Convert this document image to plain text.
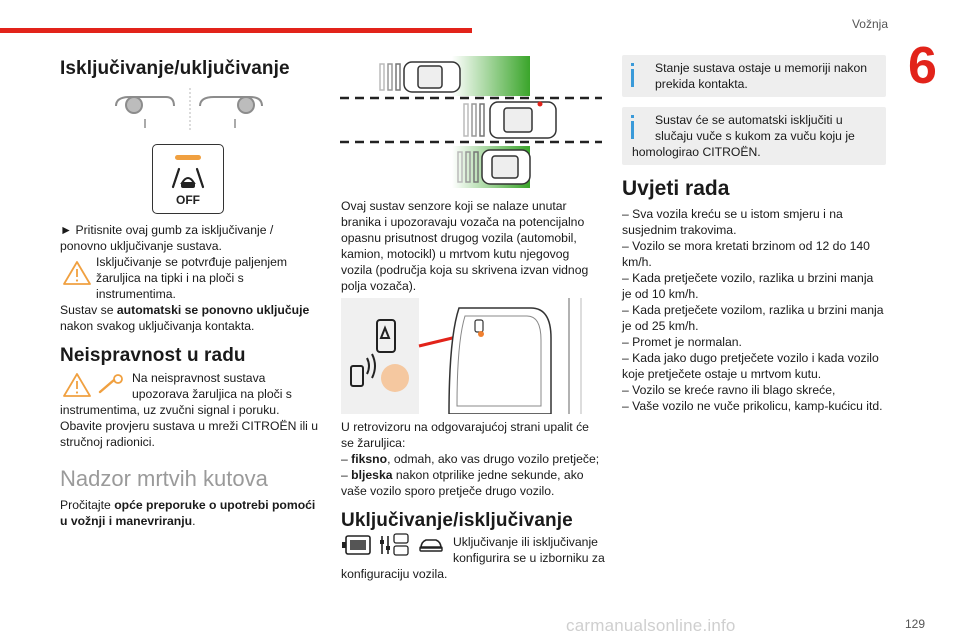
Vožnja
6
Isključivanje/uključivanje
OFF

► Pritisnite ovaj gumb za isključivanje / ponovno uključivanje sustava.

Isključivanje se potvrđuje paljenjem

žaruljica na tipki i na ploči s instrumentima.

Sustav se automatski se ponovno uključuje nakon svakog uključivanja kontakta.

Neispravnost u radu

Na neispravnost sustava

upozorava žaruljica na ploči s

instrumentima, uz zvučni signal i poruku.

Obavite provjeru sustava u mreži CITROËN ili u stručnoj radionici.

Nadzor mrtvih kutova

Pročitajte opće preporuke o upotrebi pomoći u vožnji i manevriranju.

Ovaj sustav senzore koji se nalaze unutar branika i upozoravaju vozača na potencijalno opasnu prisutnost drugog vozila (automobil, kamion, motocikl) u mrtvom kutu njegovog vozila (područja koja su skrivena izvan vidnog polja vozača).

U retrovizoru na odgovarajućoj strani upalit će se žaruljica:

– fiksno, odmah, ako vas drugo vozilo pretječe;

– bljeska nakon otprilike jedne sekunde, ako vaše vozilo sporo pretječe drugo vozilo.

Uključivanje/isključivanje

Uključivanje ili isključivanje

konfigurira se u izborniku za

konfiguraciju vozila.

Stanje sustava ostaje u memoriji nakon prekida kontakta.

Sustav će se automatski isključiti u

slučaju vuče s kukom za vuču koju je

homologirao CITROËN.

Uvjeti rada

– Sva vozila kreću se u istom smjeru i na susjednim trakovima.

– Vozilo se mora kretati brzinom od 12 do 140 km/h.

– Kada pretječete vozilo, razlika u brzini manja je od 10 km/h.

– Kada pretječete vozilom, razlika u brzini manja je od 25 km/h.

– Promet je normalan.

– Kada jako dugo pretječete vozilo i kada vozilo koje pretječete ostaje u mrtvom kutu.

– Vozilo se kreće ravno ili blago skreće,

– Vaše vozilo ne vuče prikolicu, kamp-kućicu itd.

carmanualsonline.info	129
